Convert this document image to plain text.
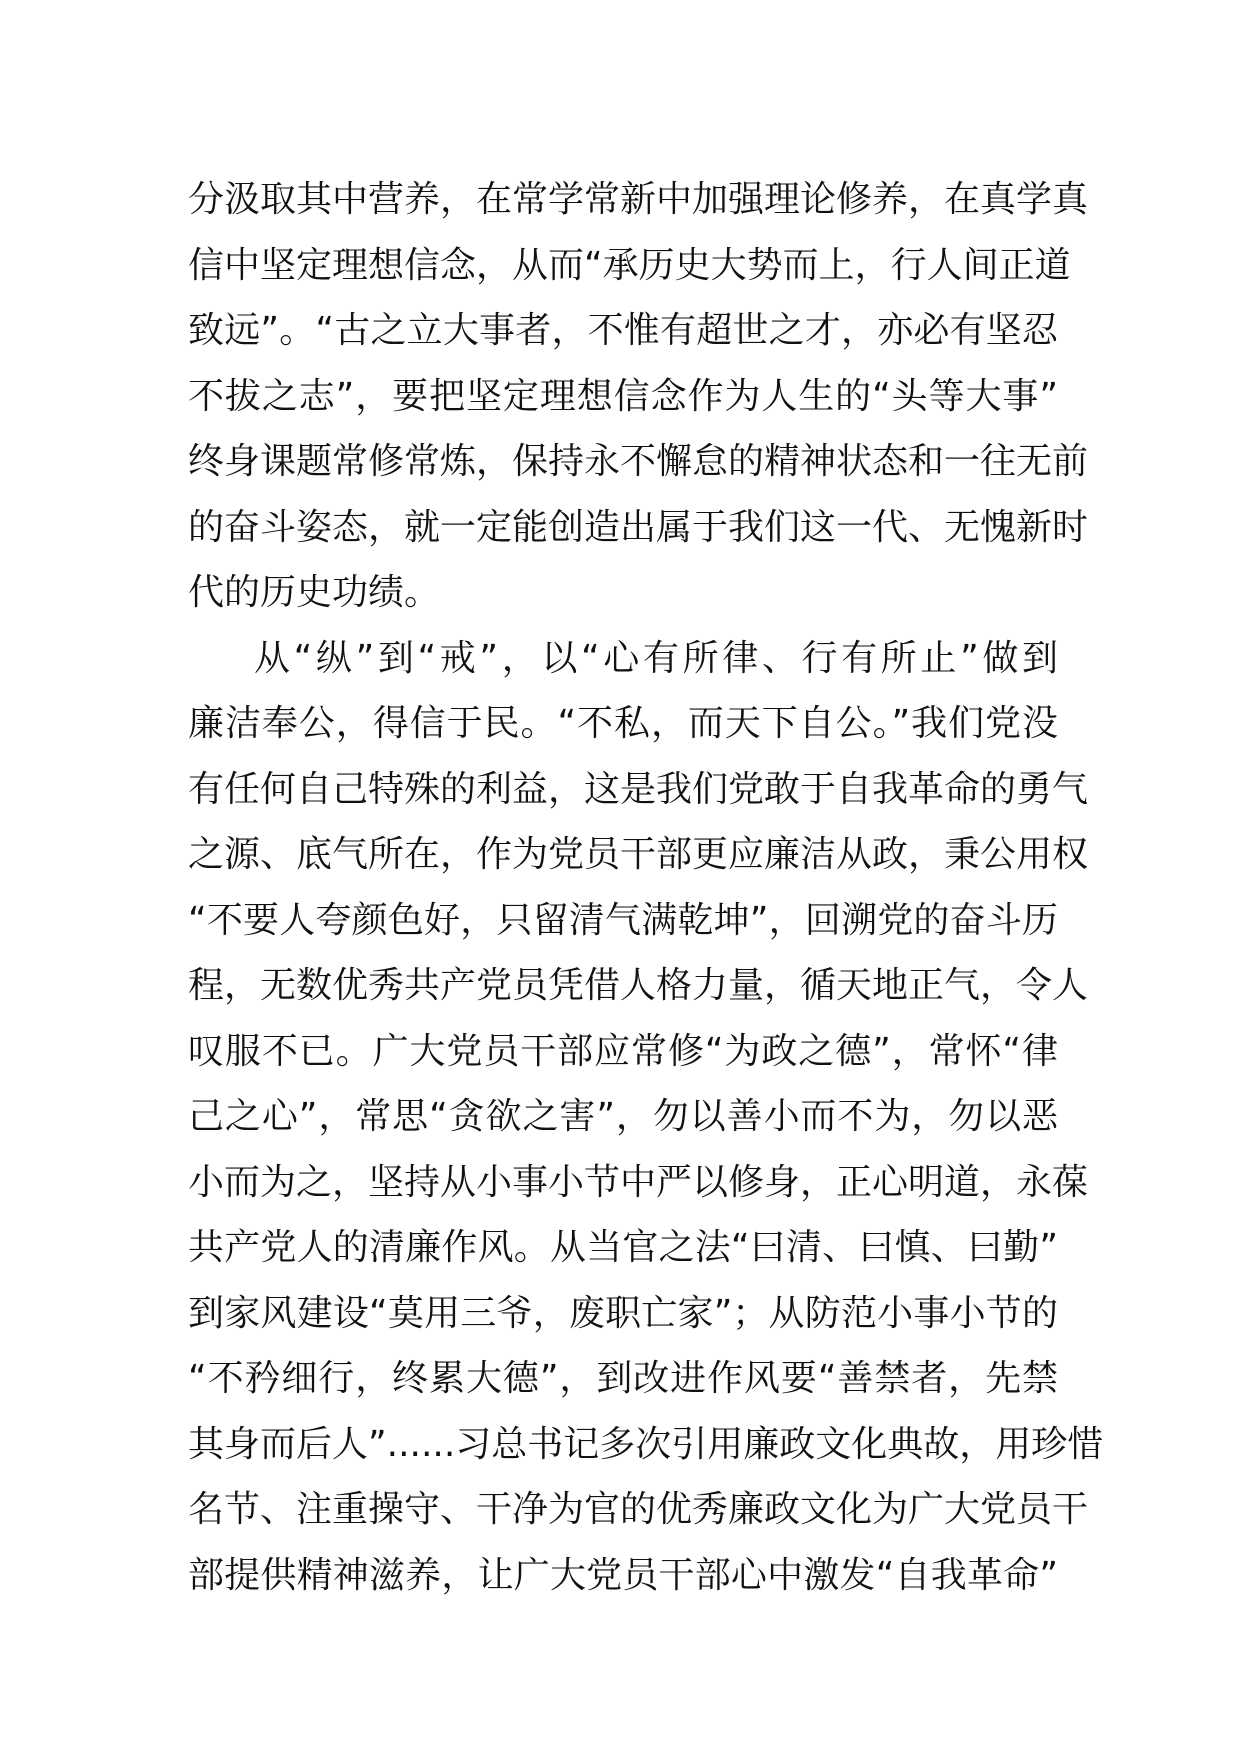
分汲取其中营养，在常学常新中加强理论修养，在真学真
信中坚定理想信念，从而“承历史大势而上，行人间正道
致远”。“古之立大事者，不惟有超世之才，亦必有坚忍
不拔之志”，要把坚定理想信念作为人生的“头等大事”
终身课题常修常炼，保持永不懈怠的精神状态和一往无前
的奋斗姿态，就一定能创造出属于我们这一代、无愧新时
代的历史功绩。
从“纵”到“戒”，以“心有所律、行有所止”做到
廉洁奉公，得信于民。“不私，而天下自公。”我们党没
有任何自己特殊的利益，这是我们党敢于自我革命的勇气
之源、底气所在，作为党员干部更应廉洁从政，秉公用权
“不要人夸颜色好，只留清气满乾坤”，回溯党的奋斗历
程，无数优秀共产党员凭借人格力量，循天地正气，令人
叹服不已。广大党员干部应常修“为政之德”，常怀“律
己之心”，常思“贪欲之害”，勿以善小而不为，勿以恶
小而为之，坚持从小事小节中严以修身，正心明道，永葆
共产党人的清廉作风。从当官之法“曰清、曰慎、曰勤”
到家风建设“莫用三爷，废职亡家”；从防范小事小节的
“不矜细行，终累大德”，到改进作风要“善禁者，先禁
其身而后人”......习总书记多次引用廉政文化典故，用珍惜
名节、注重操守、干净为官的优秀廉政文化为广大党员干
部提供精神滋养，让广大党员干部心中激发“自我革命”
